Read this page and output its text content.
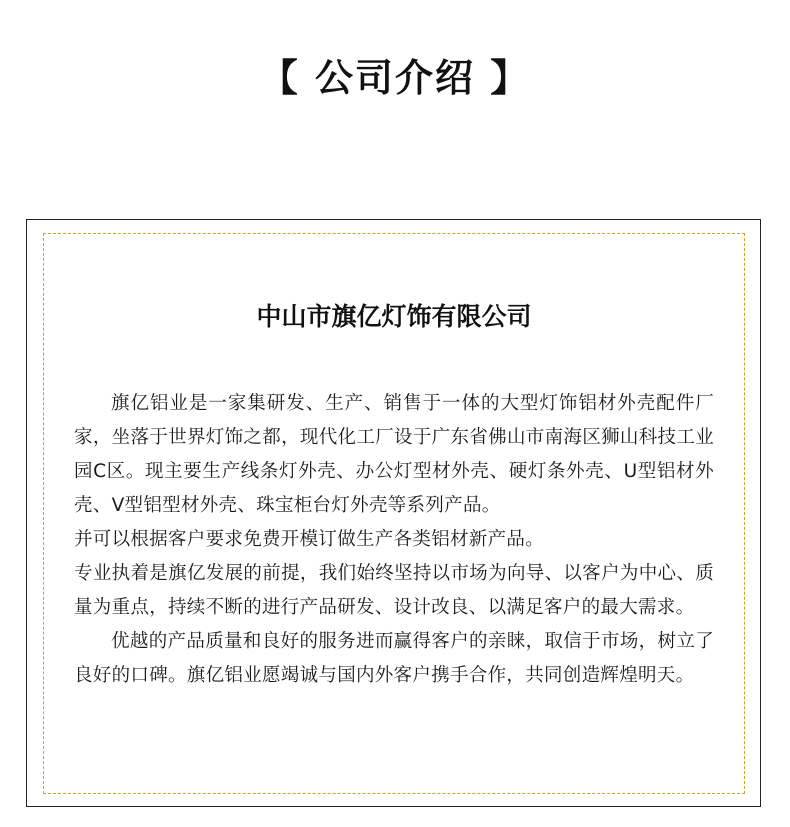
【 公司介绍 】
中山市旗亿灯饰有限公司

旗亿铝业是一家集研发、生产、销售于一体的大型灯饰铝材外壳配件厂家，坐落于世界灯饰之都，现代化工厂设于广东省佛山市南海区狮山科技工业园C区。现主要生产线条灯外壳、办公灯型材外壳、硬灯条外壳、U型铝材外壳、V型铝型材外壳、珠宝柜台灯外壳等系列产品。

并可以根据客户要求免费开模订做生产各类铝材新产品。

专业执着是旗亿发展的前提，我们始终坚持以市场为向导、以客户为中心、质量为重点，持续不断的进行产品研发、设计改良、以满足客户的最大需求。

优越的产品质量和良好的服务进而赢得客户的亲睐，取信于市场，树立了良好的口碑。旗亿铝业愿竭诚与国内外客户携手合作，共同创造辉煌明天。
